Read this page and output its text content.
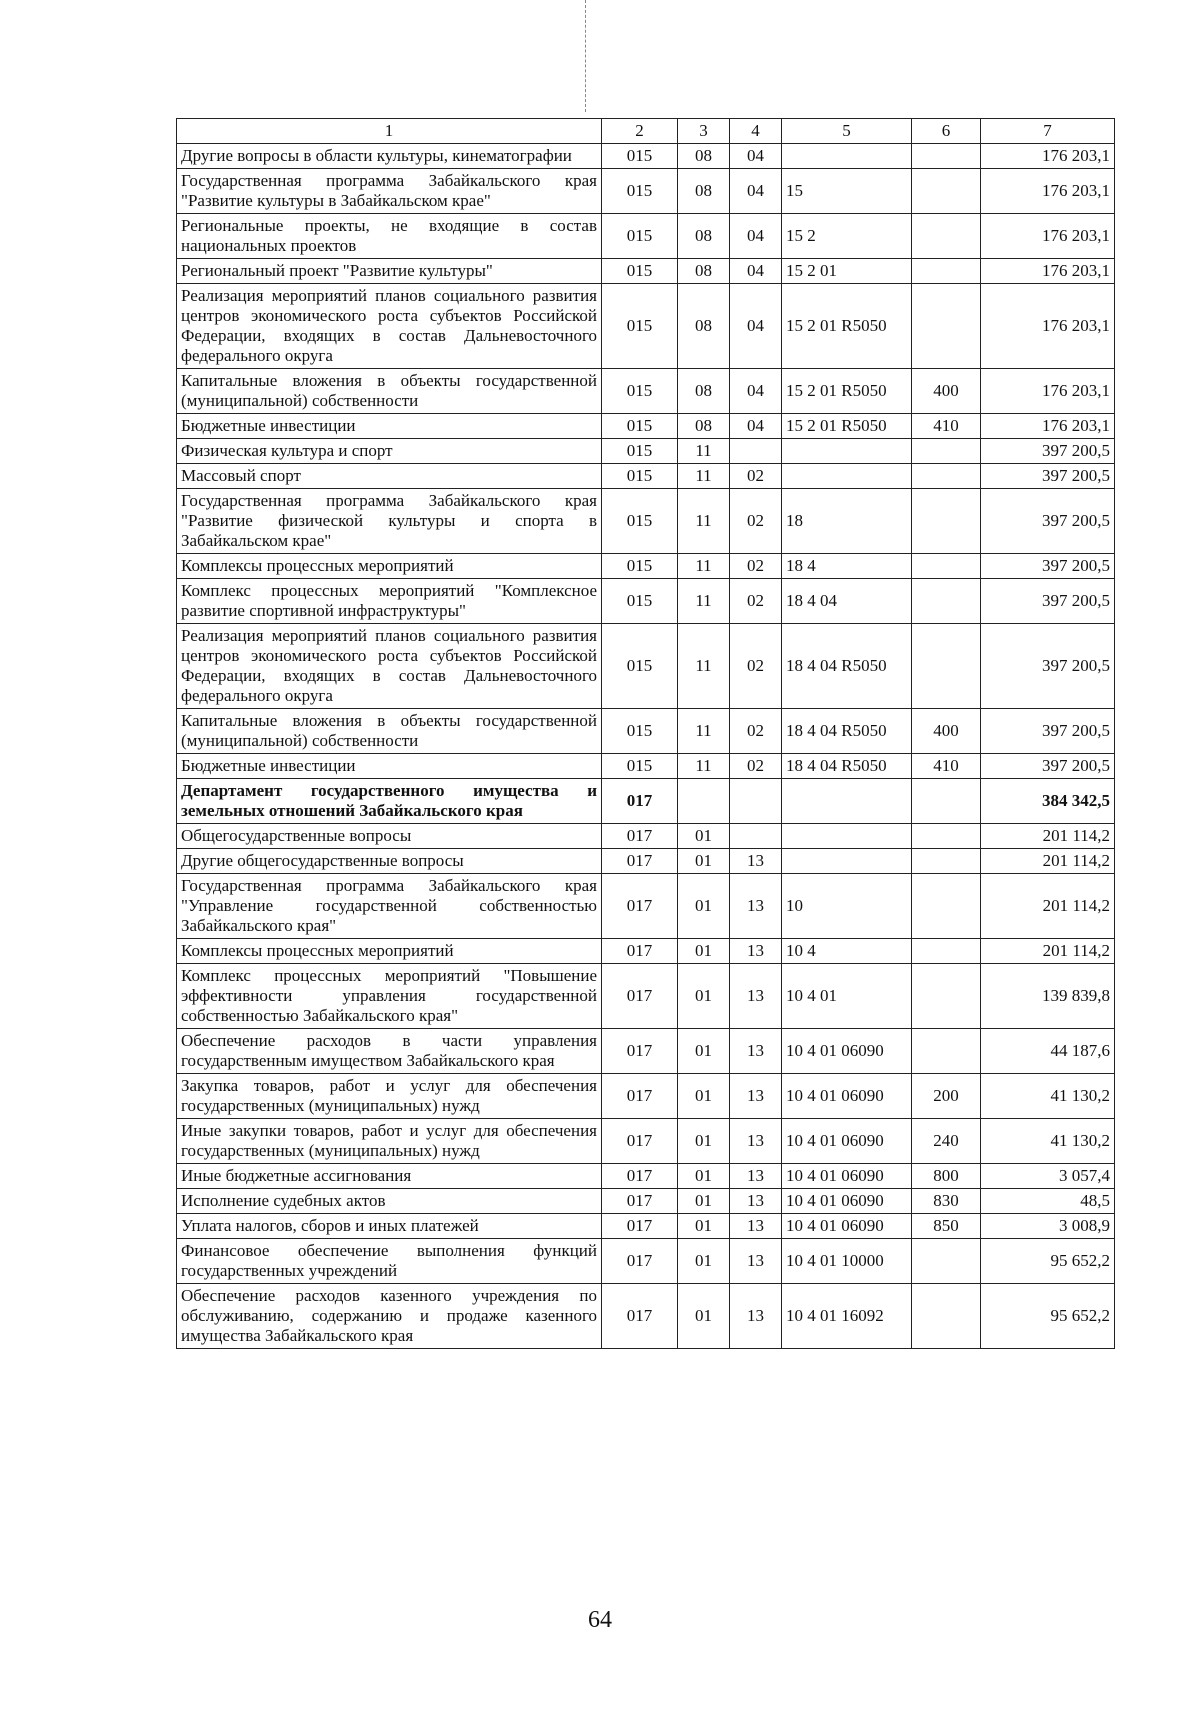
1	2	3	4	5	6	7
Другие вопросы в области культуры, кинематографии	015	08	04			176 203,1
Государственная программа Забайкальского края "Развитие культуры в Забайкальском крае"	015	08	04	15		176 203,1
Региональные проекты, не входящие в состав национальных проектов	015	08	04	15 2		176 203,1
Региональный проект "Развитие культуры"	015	08	04	15 2 01		176 203,1
Реализация мероприятий планов социального развития центров экономического роста субъектов Российской Федерации, входящих в состав Дальневосточного федерального округа	015	08	04	15 2 01 R5050		176 203,1
Капитальные вложения в объекты государственной (муниципальной) собственности	015	08	04	15 2 01 R5050	400	176 203,1
Бюджетные инвестиции	015	08	04	15 2 01 R5050	410	176 203,1
Физическая культура и спорт	015	11				397 200,5
Массовый спорт	015	11	02			397 200,5
Государственная программа Забайкальского края "Развитие физической культуры и спорта в Забайкальском крае"	015	11	02	18		397 200,5
Комплексы процессных мероприятий	015	11	02	18 4		397 200,5
Комплекс процессных мероприятий "Комплексное развитие спортивной инфраструктуры"	015	11	02	18 4 04		397 200,5
Реализация мероприятий планов социального развития центров экономического роста субъектов Российской Федерации, входящих в состав Дальневосточного федерального округа	015	11	02	18 4 04 R5050		397 200,5
Капитальные вложения в объекты государственной (муниципальной) собственности	015	11	02	18 4 04 R5050	400	397 200,5
Бюджетные инвестиции	015	11	02	18 4 04 R5050	410	397 200,5
Департамент государственного имущества и земельных отношений Забайкальского края	017					384 342,5
Общегосударственные вопросы	017	01				201 114,2
Другие общегосударственные вопросы	017	01	13			201 114,2
Государственная программа Забайкальского края "Управление государственной собственностью Забайкальского края"	017	01	13	10		201 114,2
Комплексы процессных мероприятий	017	01	13	10 4		201 114,2
Комплекс процессных мероприятий "Повышение эффективности управления государственной собственностью Забайкальского края"	017	01	13	10 4 01		139 839,8
Обеспечение расходов в части управления государственным имуществом Забайкальского края	017	01	13	10 4 01 06090		44 187,6
Закупка товаров, работ и услуг для обеспечения государственных (муниципальных) нужд	017	01	13	10 4 01 06090	200	41 130,2
Иные закупки товаров, работ и услуг для обеспечения государственных (муниципальных) нужд	017	01	13	10 4 01 06090	240	41 130,2
Иные бюджетные ассигнования	017	01	13	10 4 01 06090	800	3 057,4
Исполнение судебных актов	017	01	13	10 4 01 06090	830	48,5
Уплата налогов, сборов и иных платежей	017	01	13	10 4 01 06090	850	3 008,9
Финансовое обеспечение выполнения функций государственных учреждений	017	01	13	10 4 01 10000		95 652,2
Обеспечение расходов казенного учреждения по обслуживанию, содержанию и продаже казенного имущества Забайкальского края	017	01	13	10 4 01 16092		95 652,2
64
